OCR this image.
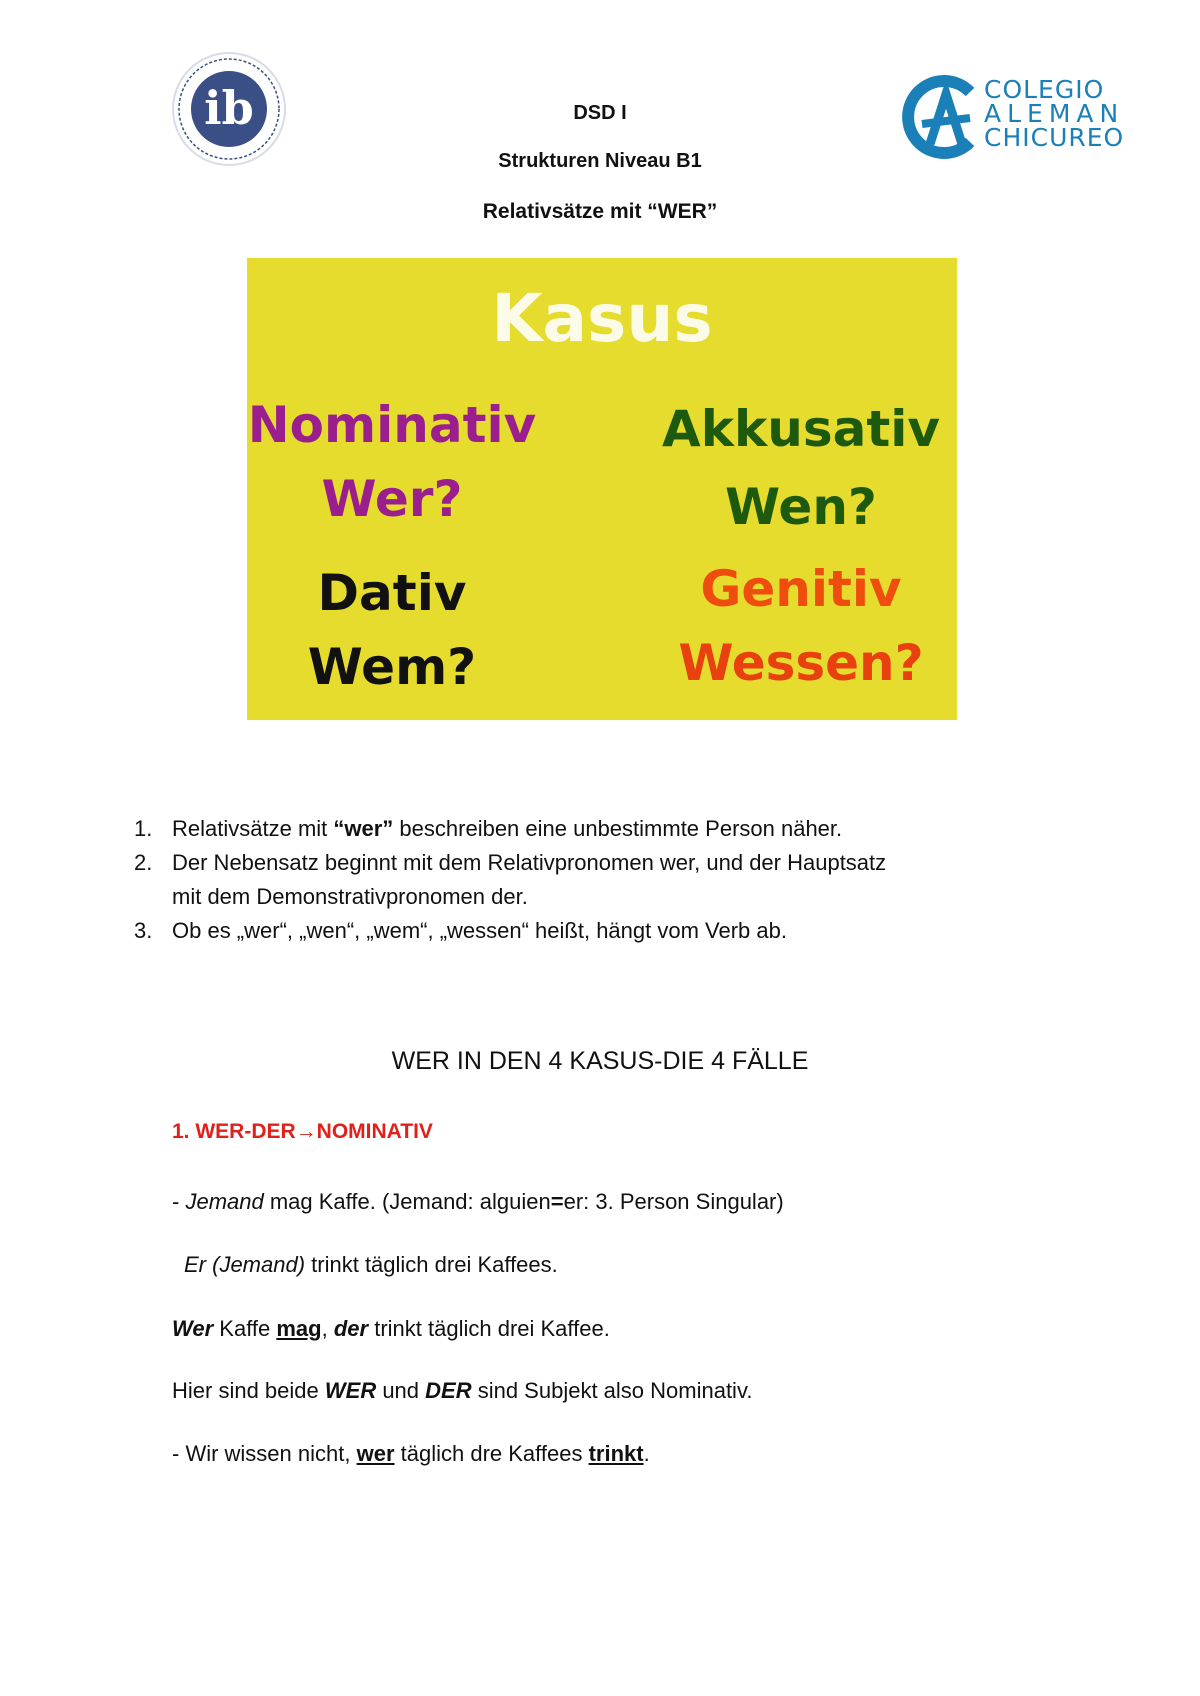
ib	COLEGIO
ALEMAN
CHICUREO
DSD I
Strukturen Niveau B1
Relativsätze mit “WER”
Kasus
Nominativ
Wer?
Akkusativ
Wen?
Dativ
Wem?
Genitiv
Wessen?
1. Relativsätze mit “wer” beschreiben eine unbestimmte Person näher.
2. Der Nebensatz beginnt mit dem Relativpronomen wer, und der Hauptsatz
mit dem Demonstrativpronomen der.
3. Ob es „wer“, „wen“, „wem“, „wessen“ heißt, hängt vom Verb ab.
WER IN DEN 4 KASUS-DIE 4 FÄLLE
1. WER-DER→NOMINATIV
- Jemand mag Kaffe. (Jemand: alguien=er: 3. Person Singular)
Er (Jemand) trinkt täglich drei Kaffees.
Wer Kaffe mag, der trinkt täglich drei Kaffee.
Hier sind beide WER und DER sind Subjekt also Nominativ.
- Wir wissen nicht, wer täglich dre Kaffees trinkt.
